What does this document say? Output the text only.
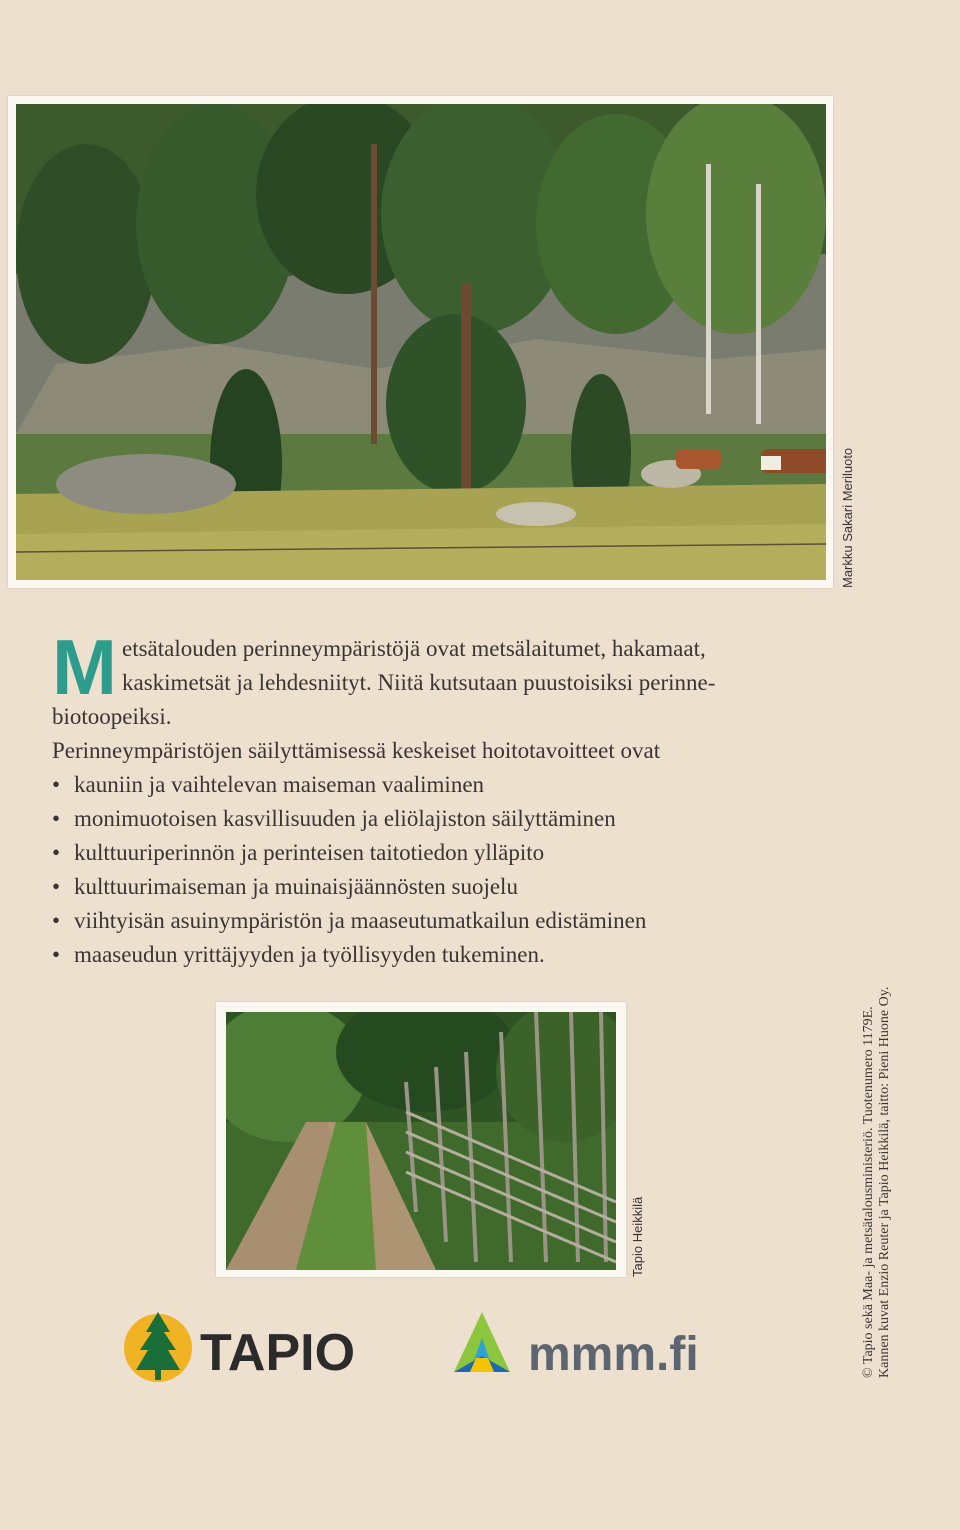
Markku Sakari Meriluoto
M etsätalouden perinneympäristöjä ovat metsälaitumet, hakamaat,
kaskimetsät ja lehdesniityt. Niitä kutsutaan puustoisiksi perinne-
biotoopeiksi.
Perinneympäristöjen säilyttämisessä keskeiset hoitotavoitteet ovat
• kauniin ja vaihtelevan maiseman vaaliminen
• monimuotoisen kasvillisuuden ja eliölajiston säilyttäminen
• kulttuuriperinnön ja perinteisen taitotiedon ylläpito
• kulttuurimaiseman ja muinaisjäännösten suojelu
• viihtyisän asuinympäristön ja maaseutumatkailun edistäminen
• maaseudun yrittäjyyden ja työllisyyden tukeminen.
Tapio Heikkilä
TAPIO	mmm.fi	© Tapio sekä Maa- ja metsätalousministeriö. Tuotenumero 1179E. Kannen kuvat Enzio Reuter ja Tapio Heikkilä, taitto: Pieni Huone Oy.
